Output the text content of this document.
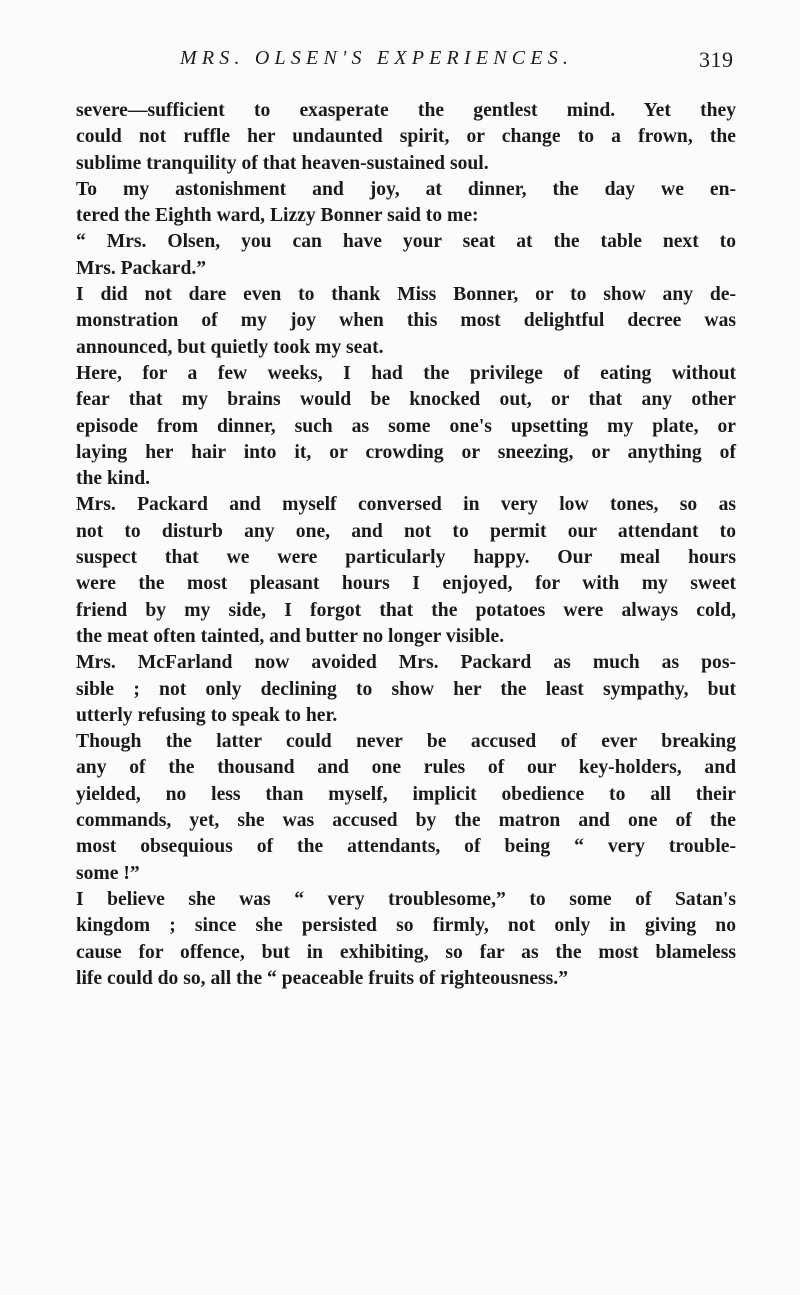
MRS. OLSEN'S EXPERIENCES.	319
severe—sufficient to exasperate the gentlest mind. Yet they
could not ruffle her undaunted spirit, or change to a frown, the
sublime tranquility of that heaven-sustained soul.
To my astonishment and joy, at dinner, the day we en-
tered the Eighth ward, Lizzy Bonner said to me:
“ Mrs. Olsen, you can have your seat at the table next to
Mrs. Packard.”
I did not dare even to thank Miss Bonner, or to show any de-
monstration of my joy when this most delightful decree was
announced, but quietly took my seat.
Here, for a few weeks, I had the privilege of eating without
fear that my brains would be knocked out, or that any other
episode from dinner, such as some one's upsetting my plate, or
laying her hair into it, or crowding or sneezing, or anything of
the kind.
Mrs. Packard and myself conversed in very low tones, so as
not to disturb any one, and not to permit our attendant to
suspect that we were particularly happy. Our meal hours
were the most pleasant hours I enjoyed, for with my sweet
friend by my side, I forgot that the potatoes were always cold,
the meat often tainted, and butter no longer visible.
Mrs. McFarland now avoided Mrs. Packard as much as pos-
sible ; not only declining to show her the least sympathy, but
utterly refusing to speak to her.
Though the latter could never be accused of ever breaking
any of the thousand and one rules of our key-holders, and
yielded, no less than myself, implicit obedience to all their
commands, yet, she was accused by the matron and one of the
most obsequious of the attendants, of being “ very trouble-
some !”
I believe she was “ very troublesome,” to some of Satan's
kingdom ; since she persisted so firmly, not only in giving no
cause for offence, but in exhibiting, so far as the most blameless
life could do so, all the “ peaceable fruits of righteousness.”
